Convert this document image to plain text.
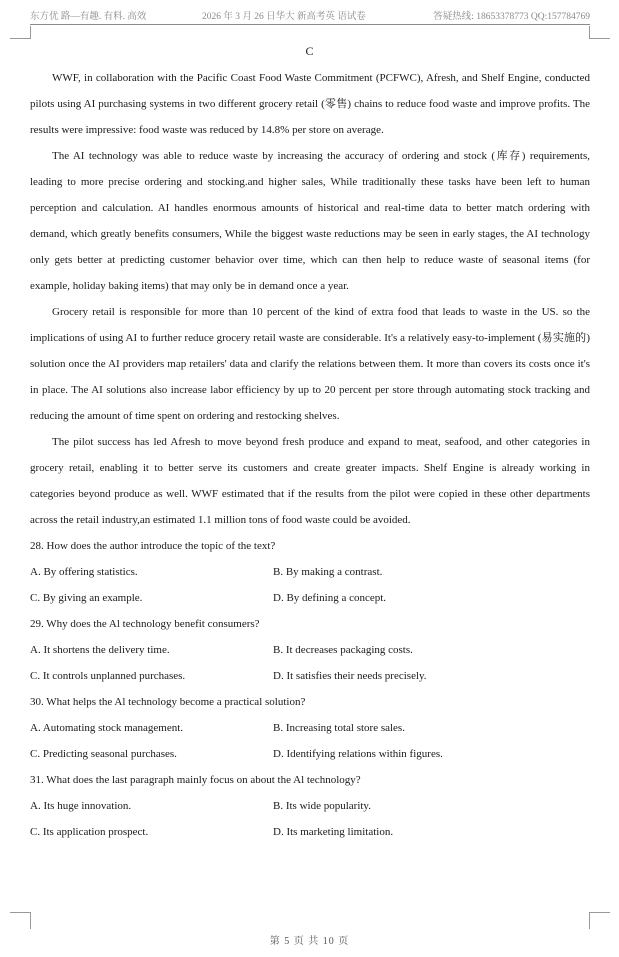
东方优 路—有趣. 有料. 高效	2026 年 3 月 26 日华大 新高考英 语试卷	答疑热线: 18653378773 QQ:157784769
C

WWF, in collaboration with the Pacific Coast Food Waste Commitment (PCFWC), Afresh, and Shelf Engine, conducted pilots using AI purchasing systems in two different grocery retail (零售) chains to reduce food waste and improve profits. The results were impressive: food waste was reduced by 14.8% per store on average.

The AI technology was able to reduce waste by increasing the accuracy of ordering and stock (库存) requirements, leading to more precise ordering and stocking.and higher sales, While traditionally these tasks have been left to human perception and calculation. AI handles enormous amounts of historical and real-time data to better match ordering with demand, which greatly benefits consumers, While the biggest waste reductions may be seen in early stages, the AI technology only gets better at predicting customer behavior over time, which can then help to reduce waste of seasonal items (for example, holiday baking items) that may only be in demand once a year.

Grocery retail is responsible for more than 10 percent of the kind of extra food that leads to waste in the US. so the implications of using AI to further reduce grocery retail waste are considerable. It's a relatively easy-to-implement (易实施的) solution once the AI providers map retailers' data and clarify the relations between them. It more than covers its costs once it's in place. The AI solutions also increase labor efficiency by up to 20 percent per store through automating stock tracking and reducing the amount of time spent on ordering and restocking shelves.

The pilot success has led Afresh to move beyond fresh produce and expand to meat, seafood, and other categories in grocery retail, enabling it to better serve its customers and create greater impacts. Shelf Engine is already working in categories beyond produce as well. WWF estimated that if the results from the pilot were copied in these other departments across the retail industry,an estimated 1.1 million tons of food waste could be avoided.

28. How does the author introduce the topic of the text?

A. By offering statistics.	B. By making a contrast.
C. By giving an example.	D. By defining a concept.

29. Why does the Al technology benefit consumers?

A. It shortens the delivery time.	B. It decreases packaging costs.
C. It controls unplanned purchases.	D. It satisfies their needs precisely.

30. What helps the Al technology become a practical solution?

A. Automating stock management.	B. Increasing total store sales.
C. Predicting seasonal purchases.	D. Identifying relations within figures.

31. What does the last paragraph mainly focus on about the Al technology?

A. Its huge innovation.	B. Its wide popularity.
C. Its application prospect.	D. Its marketing limitation.
第 5 页 共 10 页
